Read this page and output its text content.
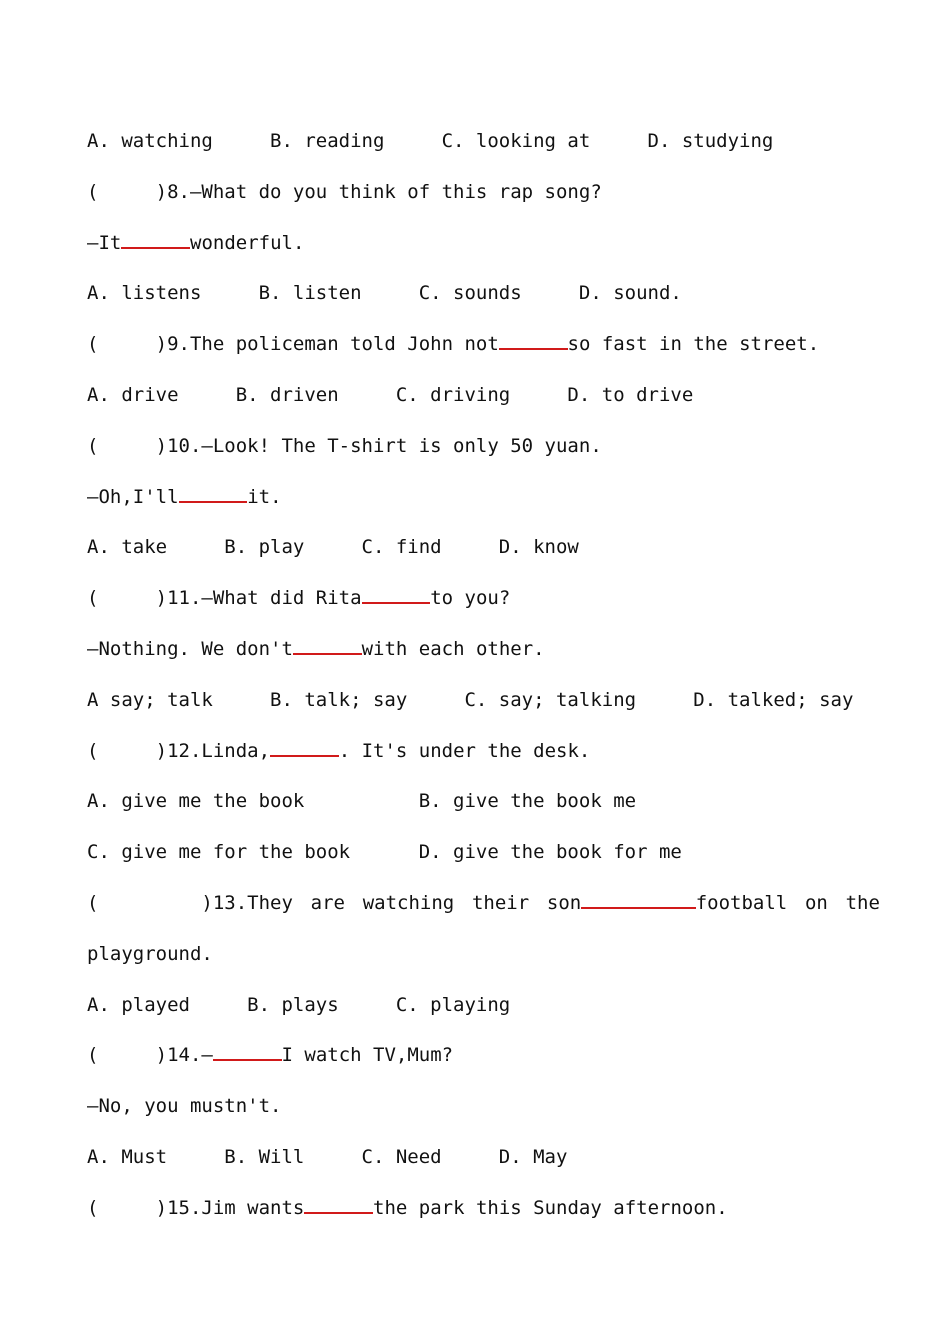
A. watching     B. reading     C. looking at     D. studying
(     )8.—What do you think of this rap song?
—It	wonderful.
A. listens     B. listen     C. sounds     D. sound.
(     )9.The policeman told John not	so fast in the street.
A. drive     B. driven     C. driving     D. to drive
(     )10.—Look! The T-shirt is only 50 yuan.
—Oh,I'll	it.
A. take     B. play     C. find     D. know
(     )11.—What did Rita	to you?
—Nothing. We don't	with each other.
A say; talk     B. talk; say     C. say; talking     D. talked; say
(     )12.Linda,	. It's under the desk.
A. give me the book          B. give the book me
C. give me for the book      D. give the book for me
(         )13.They are watching their son	football on the
playground.
A. played     B. plays     C. playing
(     )14.—	I watch TV,Mum?
—No, you mustn't.
A. Must     B. Will     C. Need     D. May
(     )15.Jim wants	the park this Sunday afternoon.
